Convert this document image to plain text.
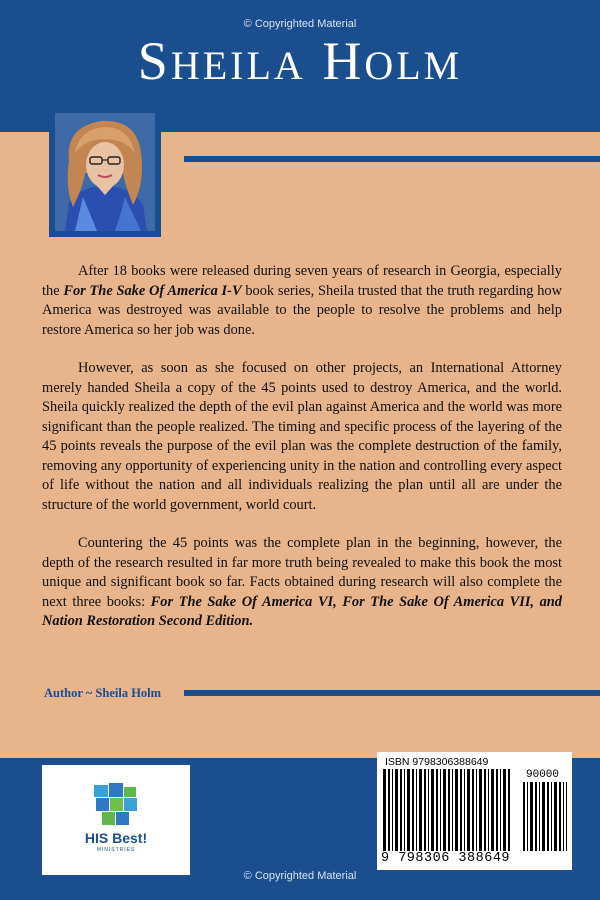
© Copyrighted Material
SHEILA HOLM

After 18 books were released during seven years of research in Georgia, especially the For The Sake Of America I-V book series, Sheila trusted that the truth regarding how America was destroyed was available to the people to resolve the problems and help restore America so her job was done.

However, as soon as she focused on other projects, an International Attorney merely handed Sheila a copy of the 45 points used to destroy America, and the world. Sheila quickly realized the depth of the evil plan against America and the world was more significant than the people realized. The timing and specific process of the layering of the 45 points reveals the purpose of the evil plan was the complete destruction of the family, removing any opportunity of experiencing unity in the nation and controlling every aspect of life without the nation and all individuals realizing the plan until all are under the structure of the world government, world court.

Countering the 45 points was the complete plan in the beginning, however, the depth of the research resulted in far more truth being revealed to make this book the most unique and significant book so far. Facts obtained during research will also complete the next three books: For The Sake Of America VI, For The Sake Of America VII, and Nation Restoration Second Edition.

Author ~ Sheila Holm
HIS Best!
MINISTRIES
ISBN 9798306388649
90000
9 798306 388649
© Copyrighted Material
